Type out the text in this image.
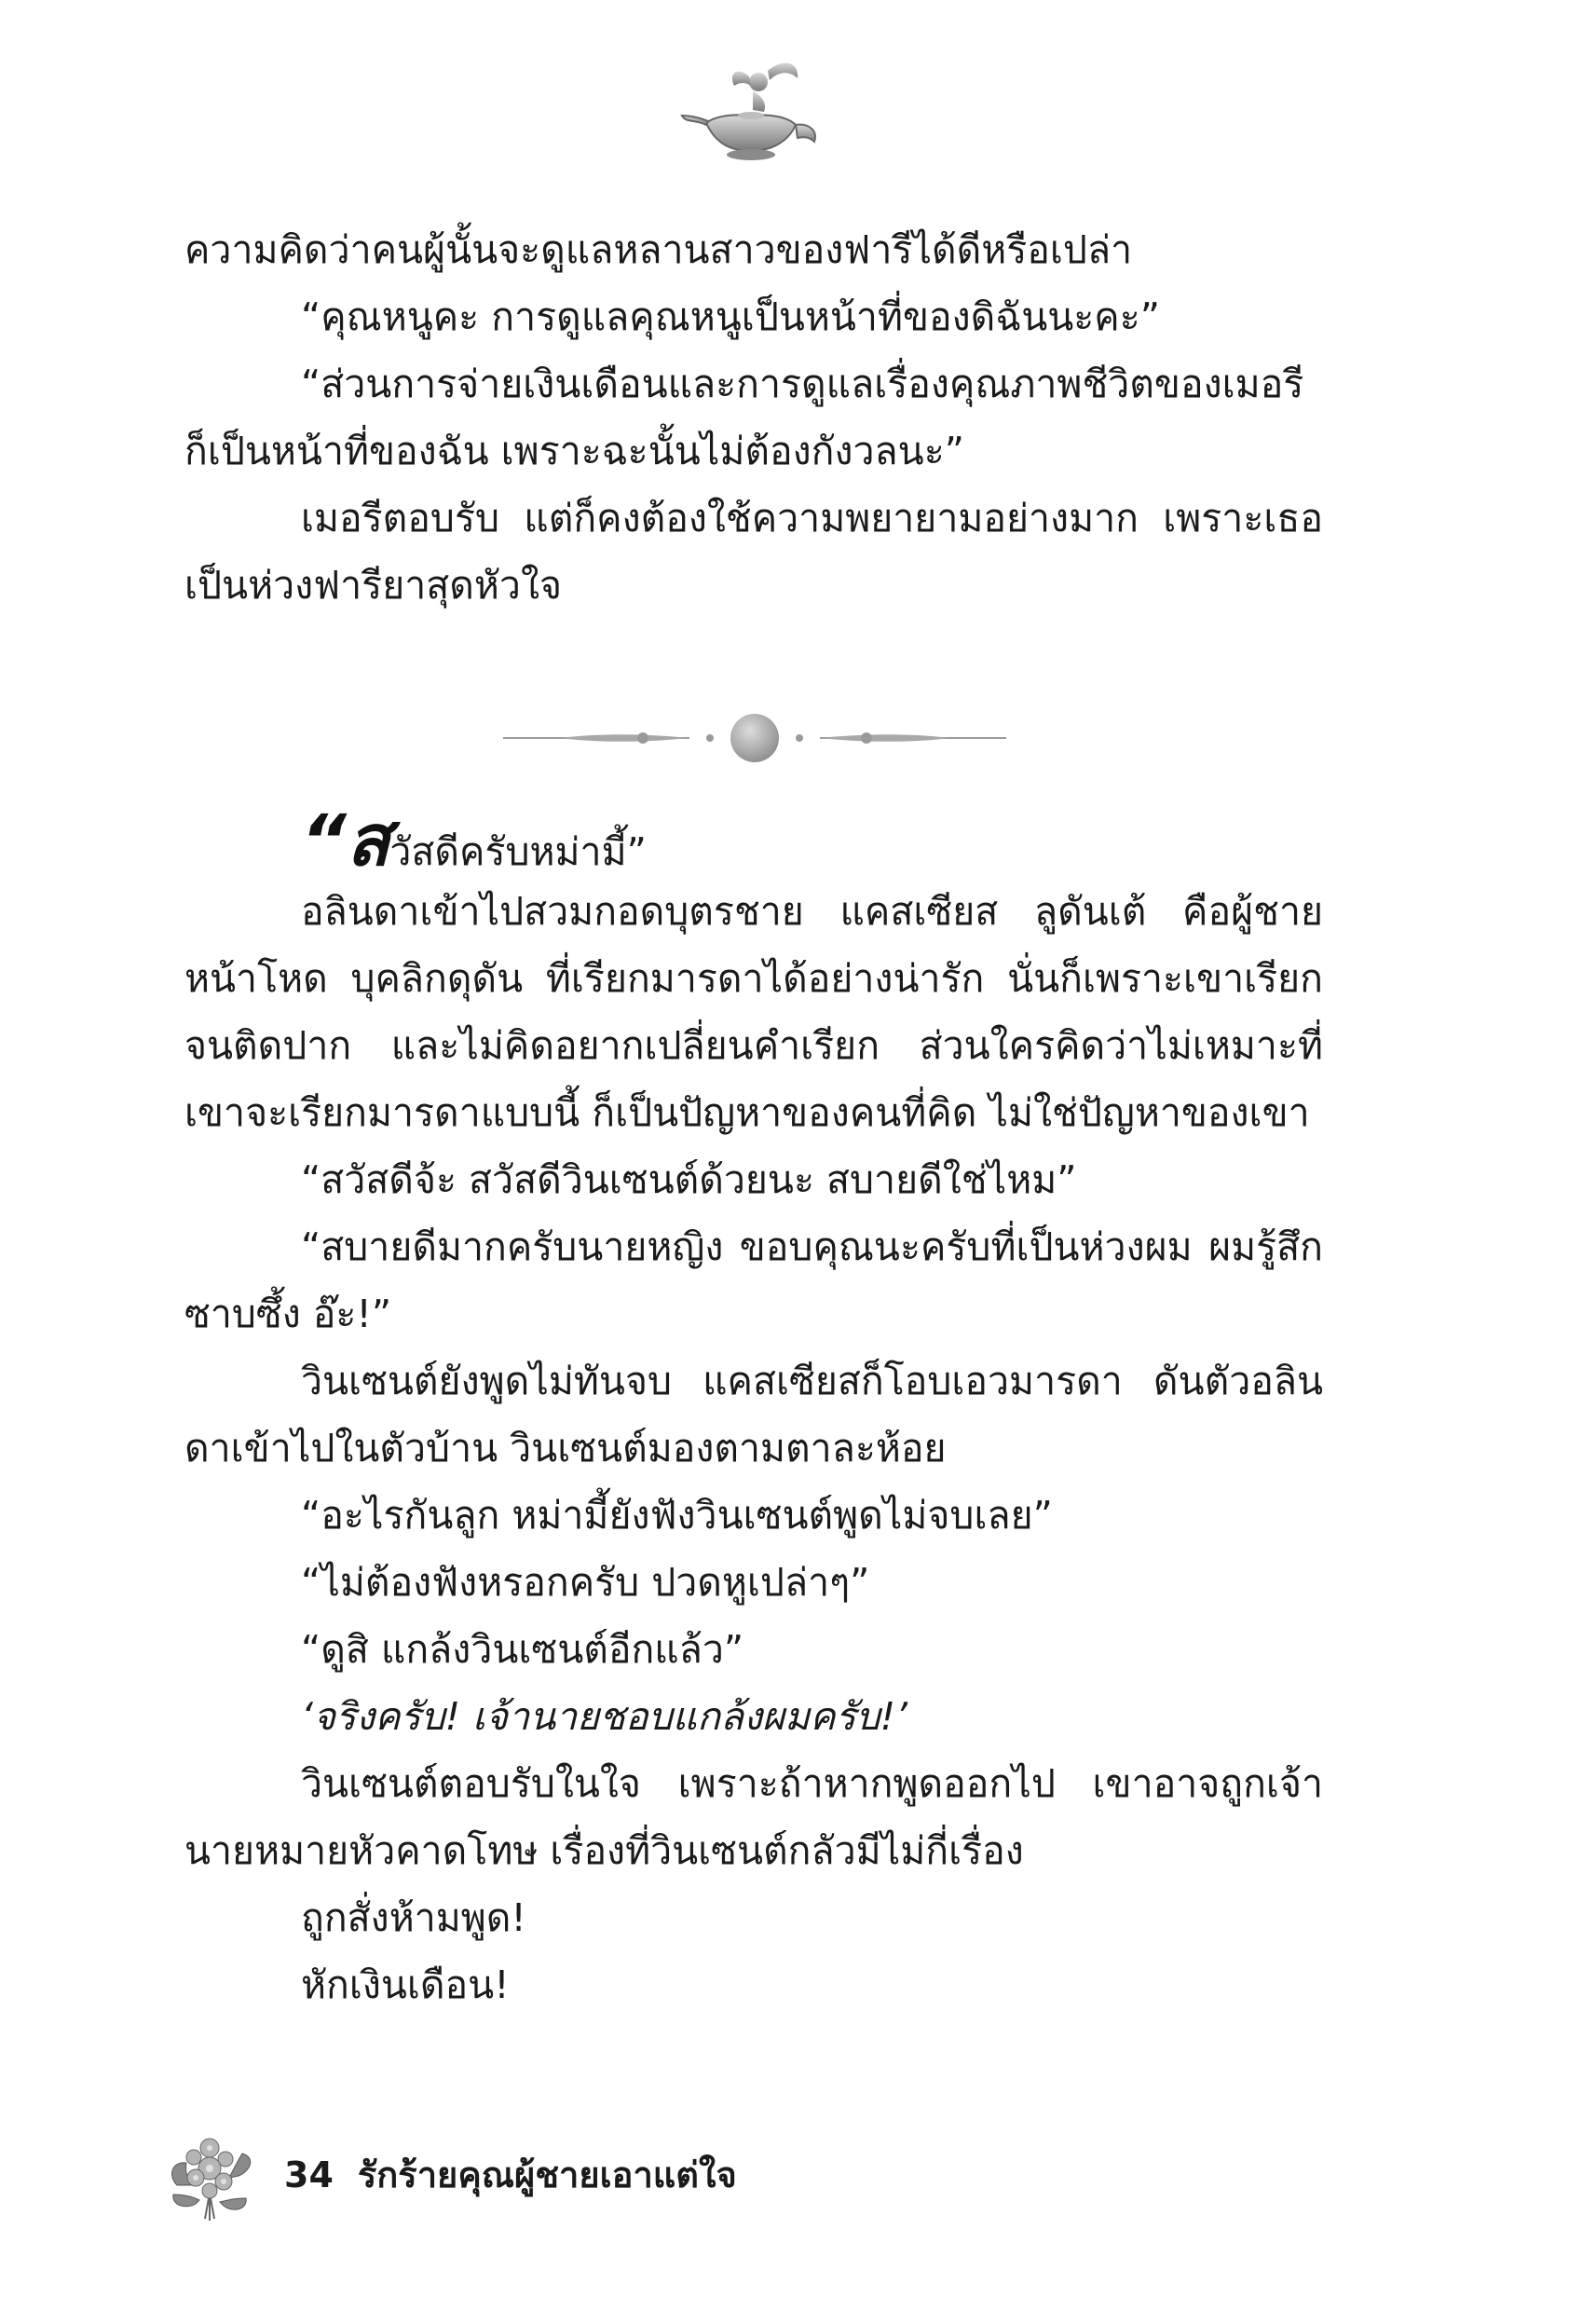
ความคิดว่าคนผู้นั้นจะดูแลหลานสาวของฟารีได้ดีหรือเปล่า

“คุณหนูคะ การดูแลคุณหนูเป็นหน้าที่ของดิฉันนะคะ”

“ส่วนการจ่ายเงินเดือนและการดูแลเรื่องคุณภาพชีวิตของเมอรีก็เป็นหน้าที่ของฉัน เพราะฉะนั้นไม่ต้องกังวลนะ”

เมอรีตอบรับ แต่ก็คงต้องใช้ความพยายามอย่างมาก เพราะเธอเป็นห่วงฟารียาสุดหัวใจ

“สวัสดีครับหม่ามี้”

อลินดาเข้าไปสวมกอดบุตรชาย แคสเซียส ลูดันเต้ คือผู้ชายหน้าโหด บุคลิกดุดัน ที่เรียกมารดาได้อย่างน่ารัก นั่นก็เพราะเขาเรียกจนติดปาก และไม่คิดอยากเปลี่ยนคำเรียก ส่วนใครคิดว่าไม่เหมาะที่เขาจะเรียกมารดาแบบนี้ ก็เป็นปัญหาของคนที่คิด ไม่ใช่ปัญหาของเขา

“สวัสดีจ้ะ สวัสดีวินเซนต์ด้วยนะ สบายดีใช่ไหม”

“สบายดีมากครับนายหญิง ขอบคุณนะครับที่เป็นห่วงผม ผมรู้สึกซาบซึ้ง อ๊ะ!”

วินเซนต์ยังพูดไม่ทันจบ แคสเซียสก็โอบเอวมารดา ดันตัวอลินดาเข้าไปในตัวบ้าน วินเซนต์มองตามตาละห้อย

“อะไรกันลูก หม่ามี้ยังฟังวินเซนต์พูดไม่จบเลย”

“ไม่ต้องฟังหรอกครับ ปวดหูเปล่าๆ”

“ดูสิ แกล้งวินเซนต์อีกแล้ว”

‘จริงครับ! เจ้านายชอบแกล้งผมครับ!’

วินเซนต์ตอบรับในใจ เพราะถ้าหากพูดออกไป เขาอาจถูกเจ้านายหมายหัวคาดโทษ เรื่องที่วินเซนต์กลัวมีไม่กี่เรื่อง

ถูกสั่งห้ามพูด!

หักเงินเดือน!

34 รักร้ายคุณผู้ชายเอาแต่ใจ
